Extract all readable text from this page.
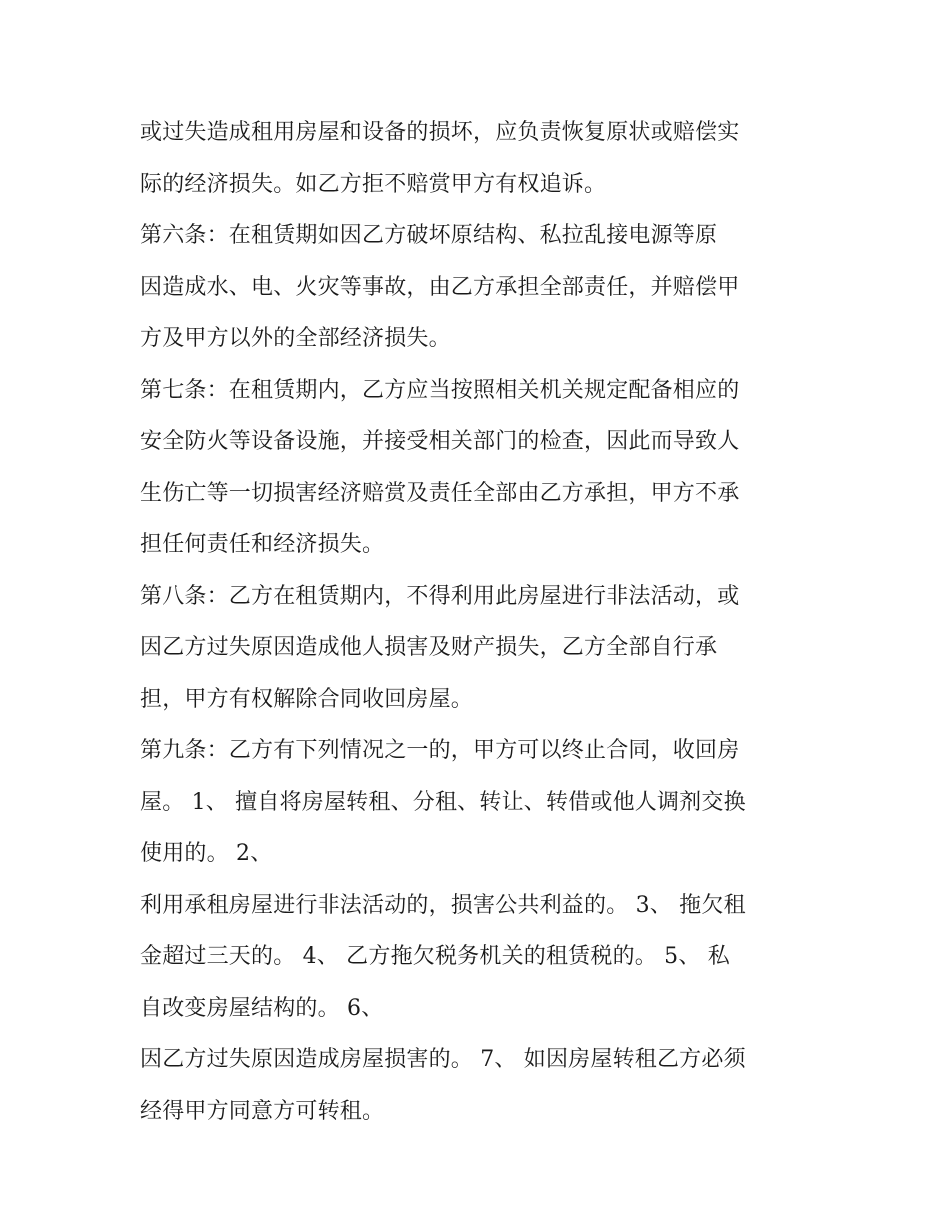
或过失造成租用房屋和设备的损坏，应负责恢复原状或赔偿实
际的经济损失。如乙方拒不赔赏甲方有权追诉。
第六条：在租赁期如因乙方破坏原结构、私拉乱接电源等原
因造成水、电、火灾等事故，由乙方承担全部责任，并赔偿甲
方及甲方以外的全部经济损失。
第七条：在租赁期内，乙方应当按照相关机关规定配备相应的
安全防火等设备设施，并接受相关部门的检查，因此而导致人
生伤亡等一切损害经济赔赏及责任全部由乙方承担，甲方不承
担任何责任和经济损失。
第八条：乙方在租赁期内，不得利用此房屋进行非法活动，或
因乙方过失原因造成他人损害及财产损失，乙方全部自行承
担，甲方有权解除合同收回房屋。
第九条：乙方有下列情况之一的，甲方可以终止合同，收回房
屋。 1、 擅自将房屋转租、分租、转让、转借或他人调剂交换
使用的。 2、
利用承租房屋进行非法活动的，损害公共利益的。 3、 拖欠租
金超过三天的。 4、 乙方拖欠税务机关的租赁税的。 5、 私
自改变房屋结构的。 6、
因乙方过失原因造成房屋损害的。 7、 如因房屋转租乙方必须
经得甲方同意方可转租。
